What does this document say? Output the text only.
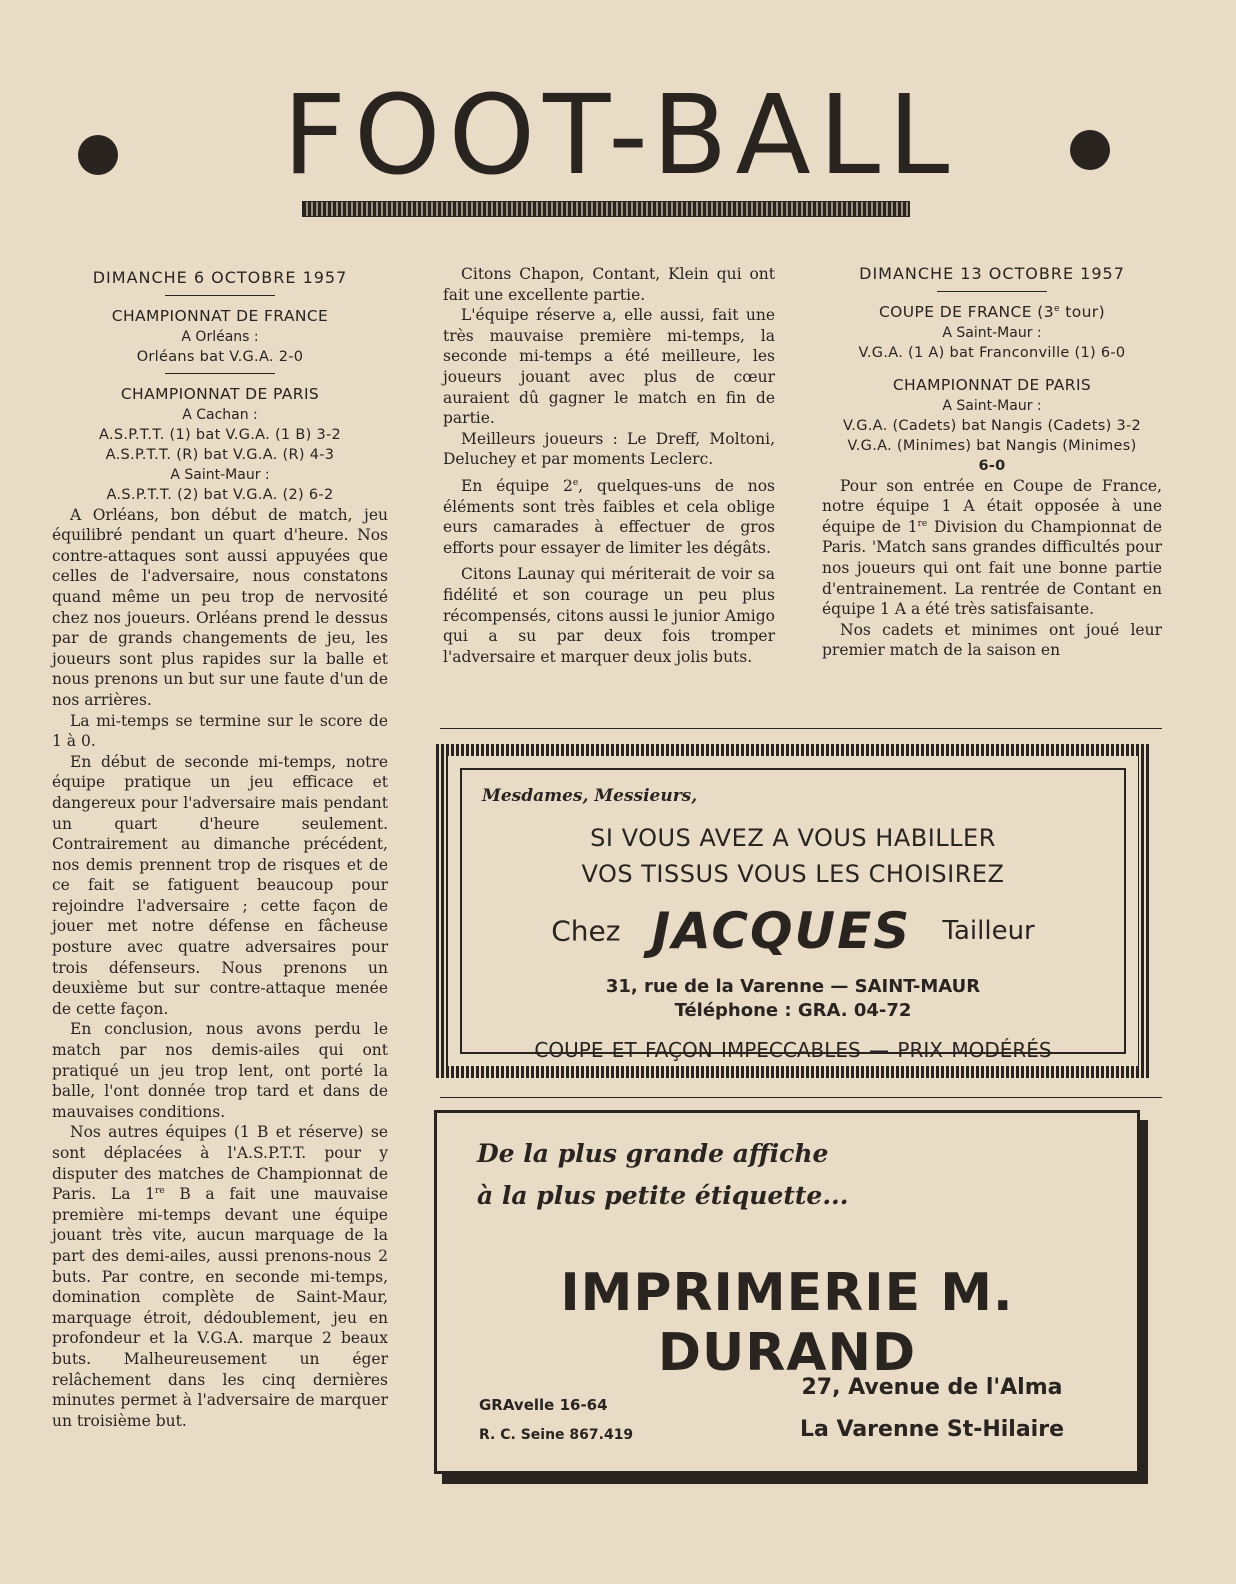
FOOT-BALL
DIMANCHE 6 OCTOBRE 1957
CHAMPIONNAT DE FRANCE
A Orléans :
Orléans bat V.G.A. 2-0
CHAMPIONNAT DE PARIS
A Cachan :
A.S.P.T.T. (1) bat V.G.A. (1 B) 3-2
A.S.P.T.T. (R) bat V.G.A. (R) 4-3
A Saint-Maur :
A.S.P.T.T. (2) bat V.G.A. (2) 6-2

A Orléans, bon début de match, jeu équilibré pendant un quart d'heure. Nos contre-attaques sont aussi appuyées que celles de l'adversaire, nous constatons quand même un peu trop de nervosité chez nos joueurs. Orléans prend le dessus par de grands changements de jeu, les joueurs sont plus rapides sur la balle et nous prenons un but sur une faute d'un de nos arrières.

La mi-temps se termine sur le score de 1 à 0.

En début de seconde mi-temps, notre équipe pratique un jeu efficace et dangereux pour l'adversaire mais pendant un quart d'heure seulement. Contrairement au dimanche précédent, nos demis prennent trop de risques et de ce fait se fatiguent beaucoup pour rejoindre l'adversaire ; cette façon de jouer met notre défense en fâcheuse posture avec quatre adversaires pour trois défenseurs. Nous prenons un deuxième but sur contre-attaque menée de cette façon.

En conclusion, nous avons perdu le match par nos demis-ailes qui ont pratiqué un jeu trop lent, ont porté la balle, l'ont donnée trop tard et dans de mauvaises conditions.

Nos autres équipes (1 B et réserve) se sont déplacées à l'A.S.P.T.T. pour y disputer des matches de Championnat de Paris. La 1re B a fait une mauvaise première mi-temps devant une équipe jouant très vite, aucun marquage de la part des demi-ailes, aussi prenons-nous 2 buts. Par contre, en seconde mi-temps, domination complète de Saint-Maur, marquage étroit, dédoublement, jeu en profondeur et la V.G.A. marque 2 beaux buts. Malheureusement un éger relâchement dans les cinq dernières minutes permet à l'adversaire de marquer un troisième but.

Citons Chapon, Contant, Klein qui ont fait une excellente partie.

L'équipe réserve a, elle aussi, fait une très mauvaise première mi-temps, la seconde mi-temps a été meilleure, les joueurs jouant avec plus de cœur auraient dû gagner le match en fin de partie.

Meilleurs joueurs : Le Dreff, Moltoni, Deluchey et par moments Leclerc.

En équipe 2e, quelques-uns de nos éléments sont très faibles et cela oblige eurs camarades à effectuer de gros efforts pour essayer de limiter les dégâts.

Citons Launay qui mériterait de voir sa fidélité et son courage un peu plus récompensés, citons aussi le junior Amigo qui a su par deux fois tromper l'adversaire et marquer deux jolis buts.

DIMANCHE 13 OCTOBRE 1957
COUPE DE FRANCE (3e tour)
A Saint-Maur :
V.G.A. (1 A) bat Franconville (1) 6-0
CHAMPIONNAT DE PARIS
A Saint-Maur :
V.G.A. (Cadets) bat Nangis (Cadets) 3-2
V.G.A. (Minimes) bat Nangis (Minimes)
6-0

Pour son entrée en Coupe de France, notre équipe 1 A était opposée à une équipe de 1re Division du Championnat de Paris. 'Match sans grandes difficultés pour nos joueurs qui ont fait une bonne partie d'entrainement. La rentrée de Contant en équipe 1 A a été très satisfaisante.

Nos cadets et minimes ont joué leur premier match de la saison en

Mesdames, Messieurs,
SI VOUS AVEZ A VOUS HABILLER
VOS TISSUS VOUS LES CHOISIREZ
Chez JACQUES Tailleur
31, rue de la Varenne — SAINT-MAUR
Téléphone : GRA. 04-72
COUPE ET FAÇON IMPECCABLES — PRIX MODÉRÉS
De la plus grande affiche
à la plus petite étiquette...
IMPRIMERIE M. DURAND
GRAvelle 16-64
R. C. Seine 867.419
27, Avenue de l'Alma
La Varenne St-Hilaire
